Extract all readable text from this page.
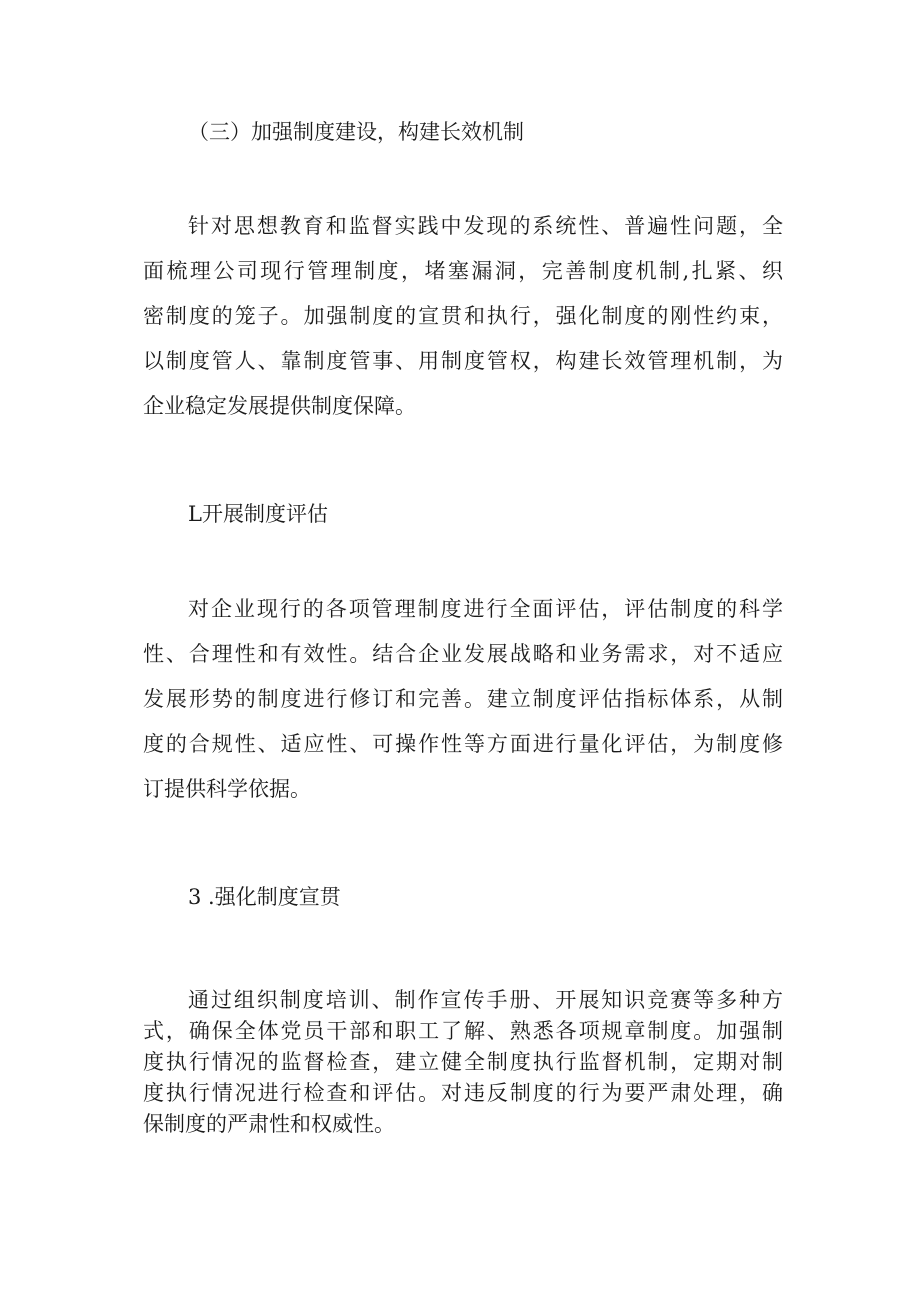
（三）加强制度建设，构建长效机制
针对思想教育和监督实践中发现的系统性、普遍性问题，全
面梳理公司现行管理制度，堵塞漏洞，完善制度机制,扎紧、织
密制度的笼子。加强制度的宣贯和执行，强化制度的刚性约束，
以制度管人、靠制度管事、用制度管权，构建长效管理机制，为
企业稳定发展提供制度保障。
L开展制度评估
对企业现行的各项管理制度进行全面评估，评估制度的科学
性、合理性和有效性。结合企业发展战略和业务需求，对不适应
发展形势的制度进行修订和完善。建立制度评估指标体系，从制
度的合规性、适应性、可操作性等方面进行量化评估，为制度修
订提供科学依据。
3 .强化制度宣贯
通过组织制度培训、制作宣传手册、开展知识竞赛等多种方
式，确保全体党员干部和职工了解、熟悉各项规章制度。加强制
度执行情况的监督检查，建立健全制度执行监督机制，定期对制
度执行情况进行检查和评估。对违反制度的行为要严肃处理，确
保制度的严肃性和权威性。
